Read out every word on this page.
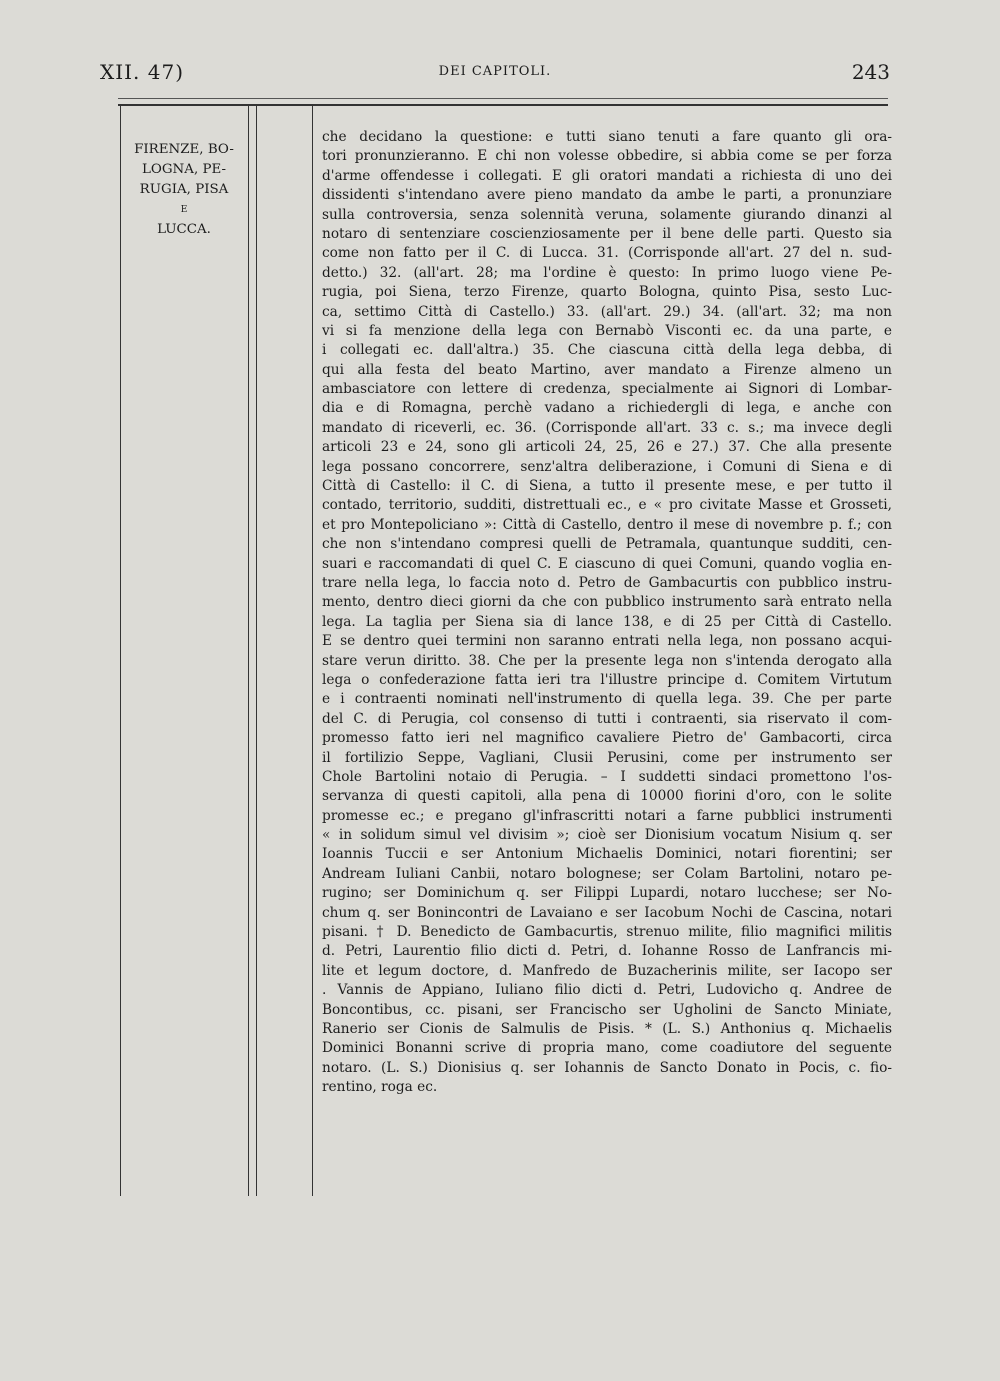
XII. 47)	DEI CAPITOLI.	243
FIRENZE, BO-
LOGNA, PE-
RUGIA, PISA
E
LUCCA.
che decidano la questione: e tutti siano tenuti a fare quanto gli ora-
tori pronunzieranno. E chi non volesse obbedire, si abbia come se per forza
d'arme offendesse i collegati. E gli oratori mandati a richiesta di uno dei
dissidenti s'intendano avere pieno mandato da ambe le parti, a pronunziare
sulla controversia, senza solennità veruna, solamente giurando dinanzi al
notaro di sentenziare coscienziosamente per il bene delle parti. Questo sia
come non fatto per il C. di Lucca. 31. (Corrisponde all'art. 27 del n. sud-
detto.) 32. (all'art. 28; ma l'ordine è questo: In primo luogo viene Pe-
rugia, poi Siena, terzo Firenze, quarto Bologna, quinto Pisa, sesto Luc-
ca, settimo Città di Castello.) 33. (all'art. 29.) 34. (all'art. 32; ma non
vi si fa menzione della lega con Bernabò Visconti ec. da una parte, e
i collegati ec. dall'altra.) 35. Che ciascuna città della lega debba, di
qui alla festa del beato Martino, aver mandato a Firenze almeno un
ambasciatore con lettere di credenza, specialmente ai Signori di Lombar-
dia e di Romagna, perchè vadano a richiedergli di lega, e anche con
mandato di riceverli, ec. 36. (Corrisponde all'art. 33 c. s.; ma invece degli
articoli 23 e 24, sono gli articoli 24, 25, 26 e 27.) 37. Che alla presente
lega possano concorrere, senz'altra deliberazione, i Comuni di Siena e di
Città di Castello: il C. di Siena, a tutto il presente mese, e per tutto il
contado, territorio, sudditi, distrettuali ec., e « pro civitate Masse et Grosseti,
et pro Montepoliciano »: Città di Castello, dentro il mese di novembre p. f.; con
che non s'intendano compresi quelli de Petramala, quantunque sudditi, cen-
suari e raccomandati di quel C. E ciascuno di quei Comuni, quando voglia en-
trare nella lega, lo faccia noto d. Petro de Gambacurtis con pubblico instru-
mento, dentro dieci giorni da che con pubblico instrumento sarà entrato nella
lega. La taglia per Siena sia di lance 138, e di 25 per Città di Castello.
E se dentro quei termini non saranno entrati nella lega, non possano acqui-
stare verun diritto. 38. Che per la presente lega non s'intenda derogato alla
lega o confederazione fatta ieri tra l'illustre principe d. Comitem Virtutum
e i contraenti nominati nell'instrumento di quella lega. 39. Che per parte
del C. di Perugia, col consenso di tutti i contraenti, sia riservato il com-
promesso fatto ieri nel magnifico cavaliere Pietro de' Gambacorti, circa
il fortilizio Seppe, Vagliani, Clusii Perusini, come per instrumento ser
Chole Bartolini notaio di Perugia. – I suddetti sindaci promettono l'os-
servanza di questi capitoli, alla pena di 10000 fiorini d'oro, con le solite
promesse ec.; e pregano gl'infrascritti notari a farne pubblici instrumenti
« in solidum simul vel divisim »; cioè ser Dionisium vocatum Nisium q. ser
Ioannis Tuccii e ser Antonium Michaelis Dominici, notari fiorentini; ser
Andream Iuliani Canbii, notaro bolognese; ser Colam Bartolini, notaro pe-
rugino; ser Dominichum q. ser Filippi Lupardi, notaro lucchese; ser No-
chum q. ser Bonincontri de Lavaiano e ser Iacobum Nochi de Cascina, notari
pisani. † D. Benedicto de Gambacurtis, strenuo milite, filio magnifici militis
d. Petri, Laurentio filio dicti d. Petri, d. Iohanne Rosso de Lanfrancis mi-
lite et legum doctore, d. Manfredo de Buzacherinis milite, ser Iacopo ser
. Vannis de Appiano, Iuliano filio dicti d. Petri, Ludovicho q. Andree de
Boncontibus, cc. pisani, ser Francischo ser Ugholini de Sancto Miniate,
Ranerio ser Cionis de Salmulis de Pisis. * (L. S.) Anthonius q. Michaelis
Dominici Bonanni scrive di propria mano, come coadiutore del seguente
notaro. (L. S.) Dionisius q. ser Iohannis de Sancto Donato in Pocis, c. fio-
rentino, roga ec.
